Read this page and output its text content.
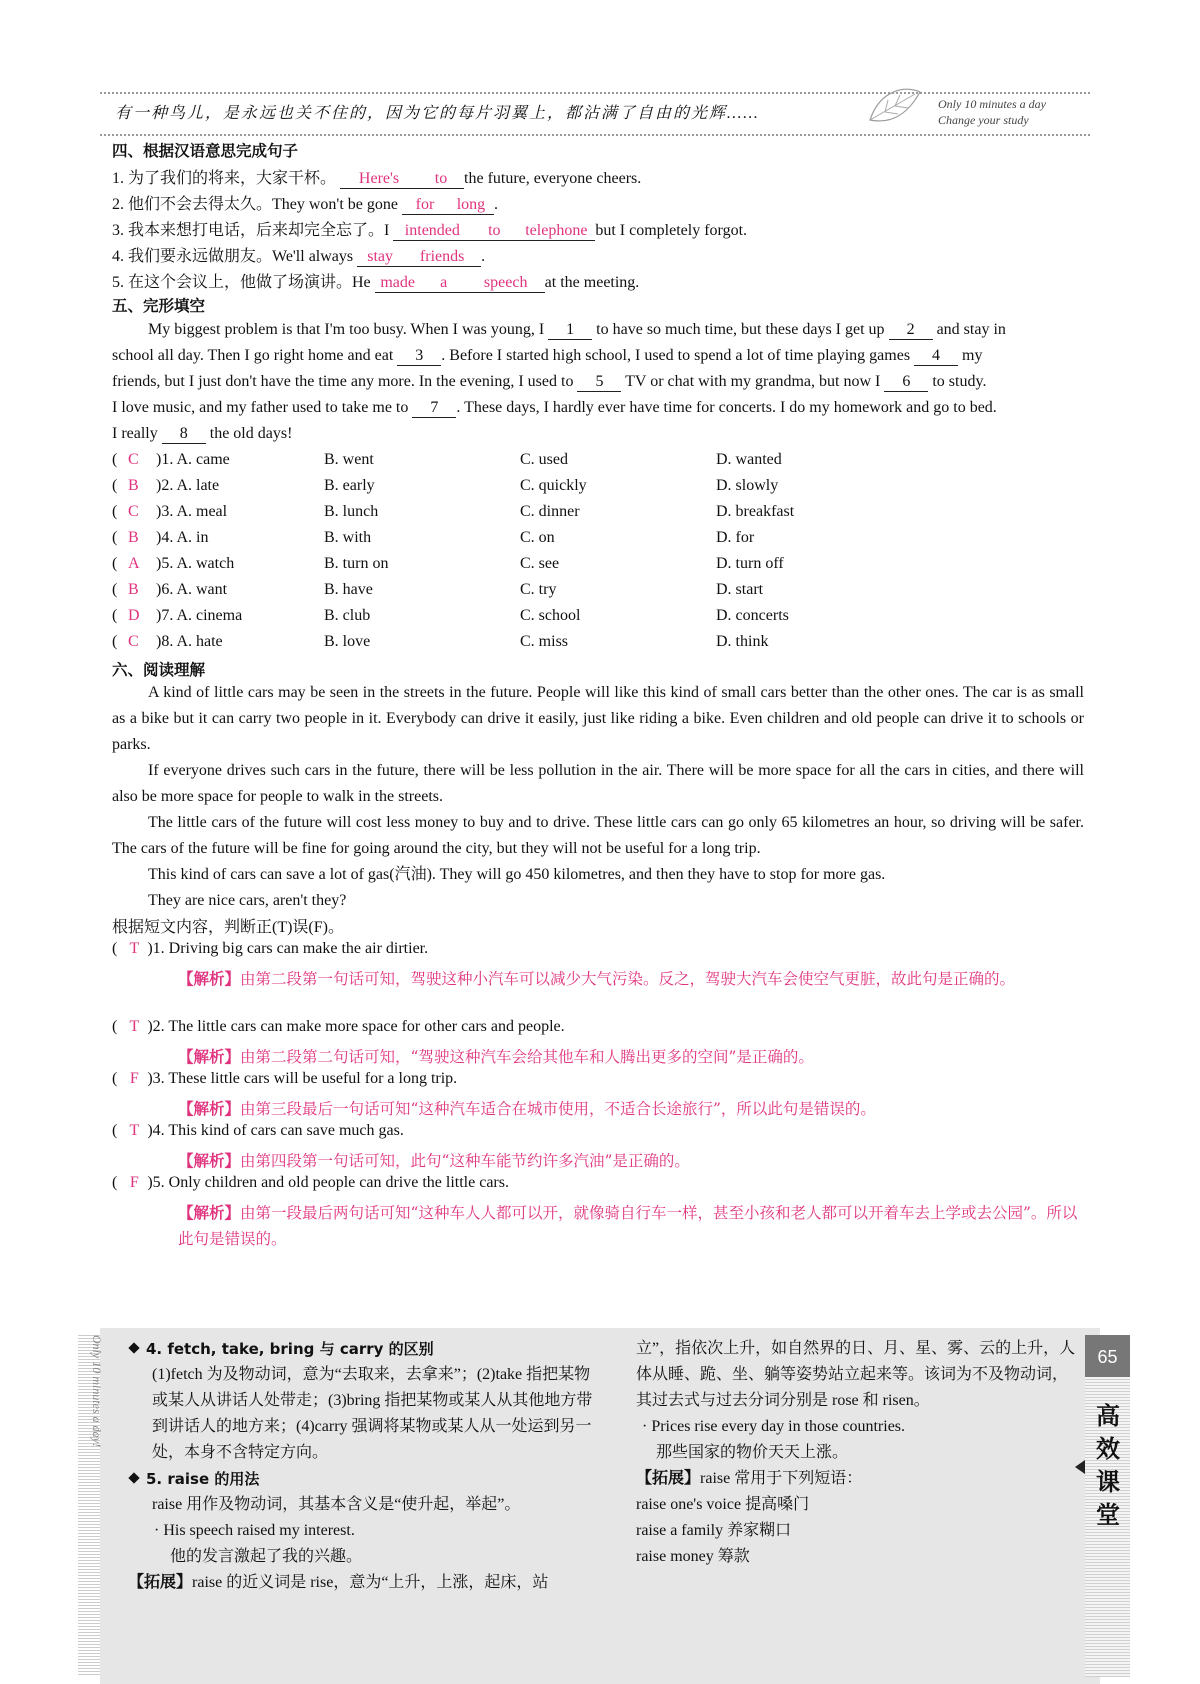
有一种鸟儿，是永远也关不住的，因为它的每片羽翼上，都沾满了自由的光辉……
Only 10 minutes a day
Change your study
四、根据汉语意思完成句子
1. 为了我们的将来，大家干杯。 Here's to the future, everyone cheers.
2. 他们不会去得太久。They won't be gone for long .
3. 我本来想打电话，后来却完全忘了。I intended to telephone but I completely forgot.
4. 我们要永远做朋友。We'll always stay friends .
5. 在这个会议上，他做了场演讲。He made a speech at the meeting.
五、完形填空
My biggest problem is that I'm too busy. When I was young, I 1 to have so much time, but these days I get up 2 and stay in
school all day. Then I go right home and eat 3 . Before I started high school, I used to spend a lot of time playing games 4 my
friends, but I just don't have the time any more. In the evening, I used to 5 TV or chat with my grandma, but now I 6 to study.
I love music, and my father used to take me to 7 . These days, I hardly ever have time for concerts. I do my homework and go to bed.
I really 8 the old days!
( C )1. A. came	B. went	C. used	D. wanted
( B )2. A. late	B. early	C. quickly	D. slowly
( C )3. A. meal	B. lunch	C. dinner	D. breakfast
( B )4. A. in	B. with	C. on	D. for
( A )5. A. watch	B. turn on	C. see	D. turn off
( B )6. A. want	B. have	C. try	D. start
( D )7. A. cinema	B. club	C. school	D. concerts
( C )8. A. hate	B. love	C. miss	D. think
六、阅读理解
A kind of little cars may be seen in the streets in the future. People will like this kind of small cars better than the other ones. The car is as small as a bike but it can carry two people in it. Everybody can drive it easily, just like riding a bike. Even children and old people can drive it to schools or parks.
If everyone drives such cars in the future, there will be less pollution in the air. There will be more space for all the cars in cities, and there will also be more space for people to walk in the streets.
The little cars of the future will cost less money to buy and to drive. These little cars can go only 65 kilometres an hour, so driving will be safer. The cars of the future will be fine for going around the city, but they will not be useful for a long trip.
This kind of cars can save a lot of gas(汽油). They will go 450 kilometres, and then they have to stop for more gas.
They are nice cars, aren't they?
根据短文内容，判断正(T)误(F)。
( T )1. Driving big cars can make the air dirtier.
【解析】由第二段第一句话可知，驾驶这种小汽车可以减少大气污染。反之，驾驶大汽车会使空气更脏，故此句是正确的。
( T )2. The little cars can make more space for other cars and people.
【解析】由第二段第二句话可知，“驾驶这种汽车会给其他车和人腾出更多的空间”是正确的。
( F )3. These little cars will be useful for a long trip.
【解析】由第三段最后一句话可知“这种汽车适合在城市使用，不适合长途旅行”，所以此句是错误的。
( T )4. This kind of cars can save much gas.
【解析】由第四段第一句话可知，此句“这种车能节约许多汽油”是正确的。
( F )5. Only children and old people can drive the little cars.
【解析】由第一段最后两句话可知“这种车人人都可以开，就像骑自行车一样，甚至小孩和老人都可以开着车去上学或去公园”。所以此句是错误的。
Only 10 minutes a day!	4. fetch, take, bring 与 carry 的区别
(1)fetch 为及物动词，意为“去取来，去拿来”；(2)take 指把某物或某人从讲话人处带走；(3)bring 指把某物或某人从其他地方带到讲话人的地方来；(4)carry 强调将某物或某人从一处运到另一处，本身不含特定方向。
5. raise 的用法
raise 用作及物动词，其基本含义是“使升起，举起”。
· His speech raised my interest.
他的发言激起了我的兴趣。
【拓展】raise 的近义词是 rise，意为“上升，上涨，起床，站
立”，指依次上升，如自然界的日、月、星、雾、云的上升，人体从睡、跪、坐、躺等姿势站立起来等。该词为不及物动词，其过去式与过去分词分别是 rose 和 risen。
· Prices rise every day in those countries.
那些国家的物价天天上涨。
【拓展】raise 常用于下列短语：
raise one's voice 提高嗓门
raise a family 养家糊口
raise money 筹款
65
高效课堂
